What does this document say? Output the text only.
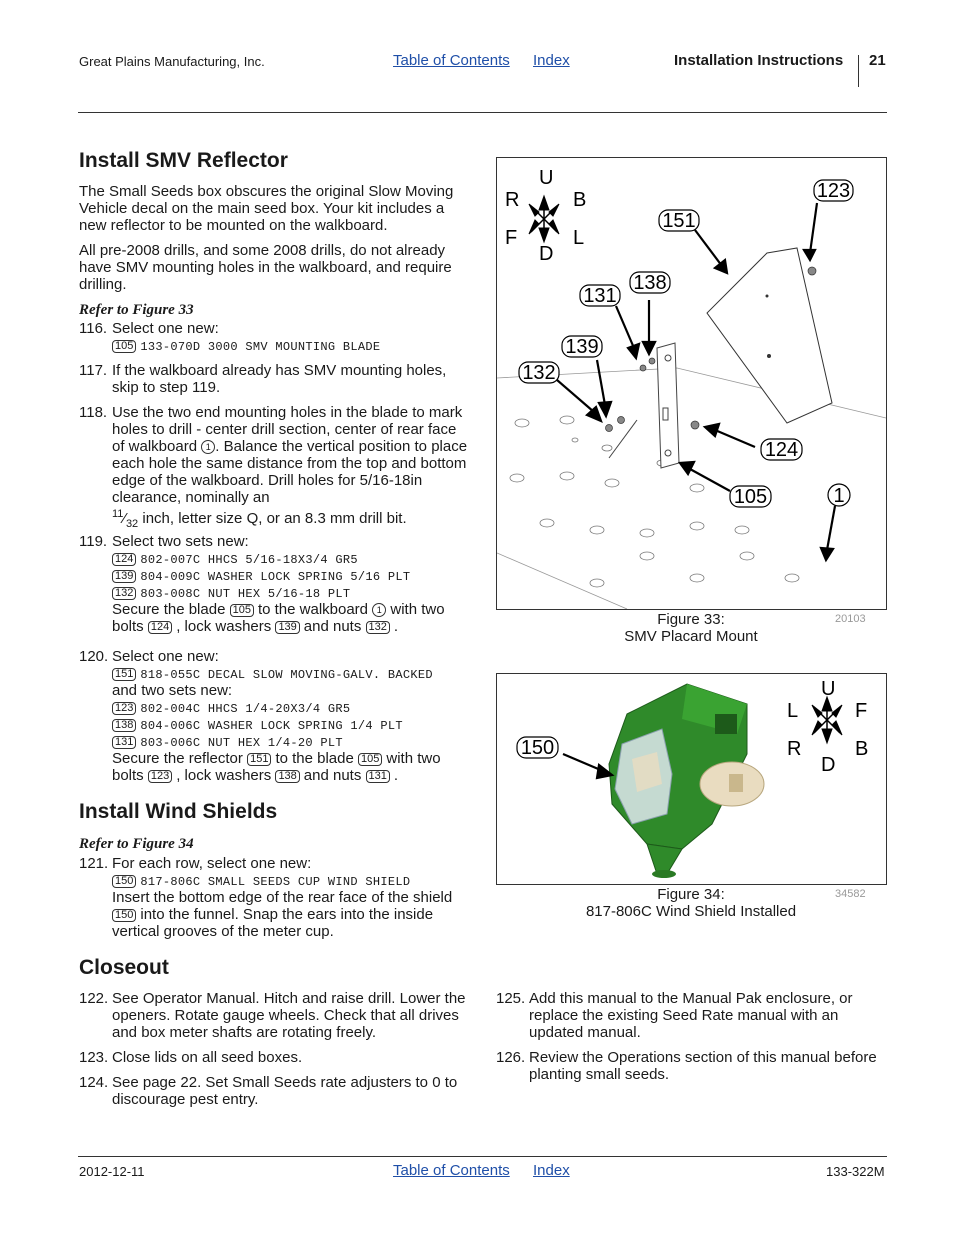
Great Plains Manufacturing, Inc.	Table of Contents Index	Installation Instructions 21
Install SMV Reflector
The Small Seeds box obscures the original Slow Moving Vehicle decal on the main seed box. Your kit includes a new reflector to be mounted on the walkboard.
All pre-2008 drills, and some 2008 drills, do not already have SMV mounting holes in the walkboard, and require drilling.
Refer to Figure 33
116. Select one new:
105 133-070D 3000 SMV MOUNTING BLADE
117. If the walkboard already has SMV mounting holes, skip to step 119.
118. Use the two end mounting holes in the blade to mark holes to drill - center drill section, center of rear face of walkboard 1 . Balance the vertical position to place each hole the same distance from the top and bottom edge of the walkboard. Drill holes for 5/16-18in clearance, nominally an
$^{11}⁄_{32}$ inch, letter size Q, or an 8.3 mm drill bit.
119. Select two sets new:
124 802-007C HHCS 5/16-18X3/4 GR5
139 804-009C WASHER LOCK SPRING 5/16 PLT
132 803-008C NUT HEX 5/16-18 PLT
Secure the blade 105 to the walkboard 1 with two bolts 124 , lock washers 139 and nuts 132 .
120. Select one new:
151 818-055C DECAL SLOW MOVING-GALV. BACKED
and two sets new:
123 802-004C HHCS 1/4-20X3/4 GR5
138 804-006C WASHER LOCK SPRING 1/4 PLT
131 803-006C NUT HEX 1/4-20 PLT
Secure the reflector 151 to the blade 105 with two bolts 123 , lock washers 138 and nuts 131 .
Install Wind Shields
Refer to Figure 34
121. For each row, select one new:
150 817-806C SMALL SEEDS CUP WIND SHIELD
Insert the bottom edge of the rear face of the shield 150 into the funnel. Snap the ears into the inside vertical grooves of the meter cup.
Closeout
122. See Operator Manual. Hitch and raise drill. Lower the openers. Rotate gauge wheels. Check that all drives and box meter shafts are rotating freely.
123. Close lids on all seed boxes.
124. See page 22. Set Small Seeds rate adjusters to 0 to discourage pest entry.
125. Add this manual to the Manual Pak enclosure, or replace the existing Seed Rate manual with an updated manual.
126. Review the Operations section of this manual before planting small seeds.
U
D
R	B
F	L
123
151
138
131
139
132
124
105	1
Figure 33:
SMV Placard Mount
20103
U
D
L	F
R	B
150
Figure 34:
817-806C Wind Shield Installed
34582
2012-12-11	Table of Contents Index	133-322M
